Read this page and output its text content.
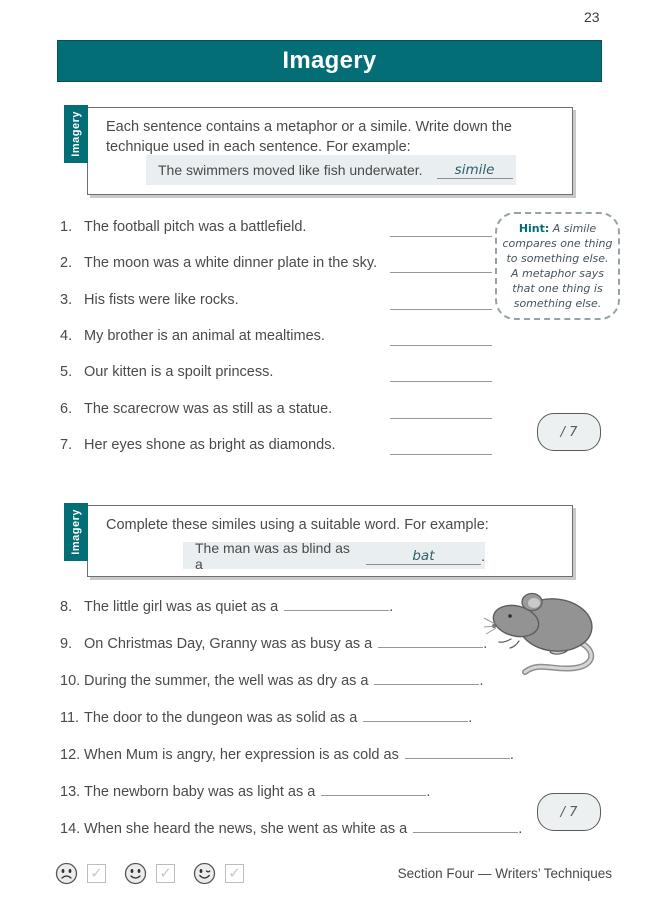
23
Imagery
Imagery	Each sentence contains a metaphor or a simile. Write down the technique used in each sentence. For example:
The swimmers moved like fish underwater.	simile
1. The football pitch was a battlefield.
2. The moon was a white dinner plate in the sky.
3. His fists were like rocks.
4. My brother is an animal at mealtimes.
5. Our kitten is a spoilt princess.
6. The scarecrow was as still as a statue.
7. Her eyes shone as bright as diamonds.
Hint: A simile compares one thing to something else. A metaphor says that one thing is something else.
/ 7
Imagery	Complete these similes using a suitable word. For example:
The man was as blind as a	bat	.
8. The little girl was as quiet as a	.
9. On Christmas Day, Granny was as busy as a	.
10. During the summer, the well was as dry as a	.
11. The door to the dungeon was as solid as a	.
12. When Mum is angry, her expression is as cold as	.
13. The newborn baby was as light as a	.
14. When she heard the news, she went as white as a	.
/ 7
✓	✓	✓	Section Four — Writers’ Techniques
